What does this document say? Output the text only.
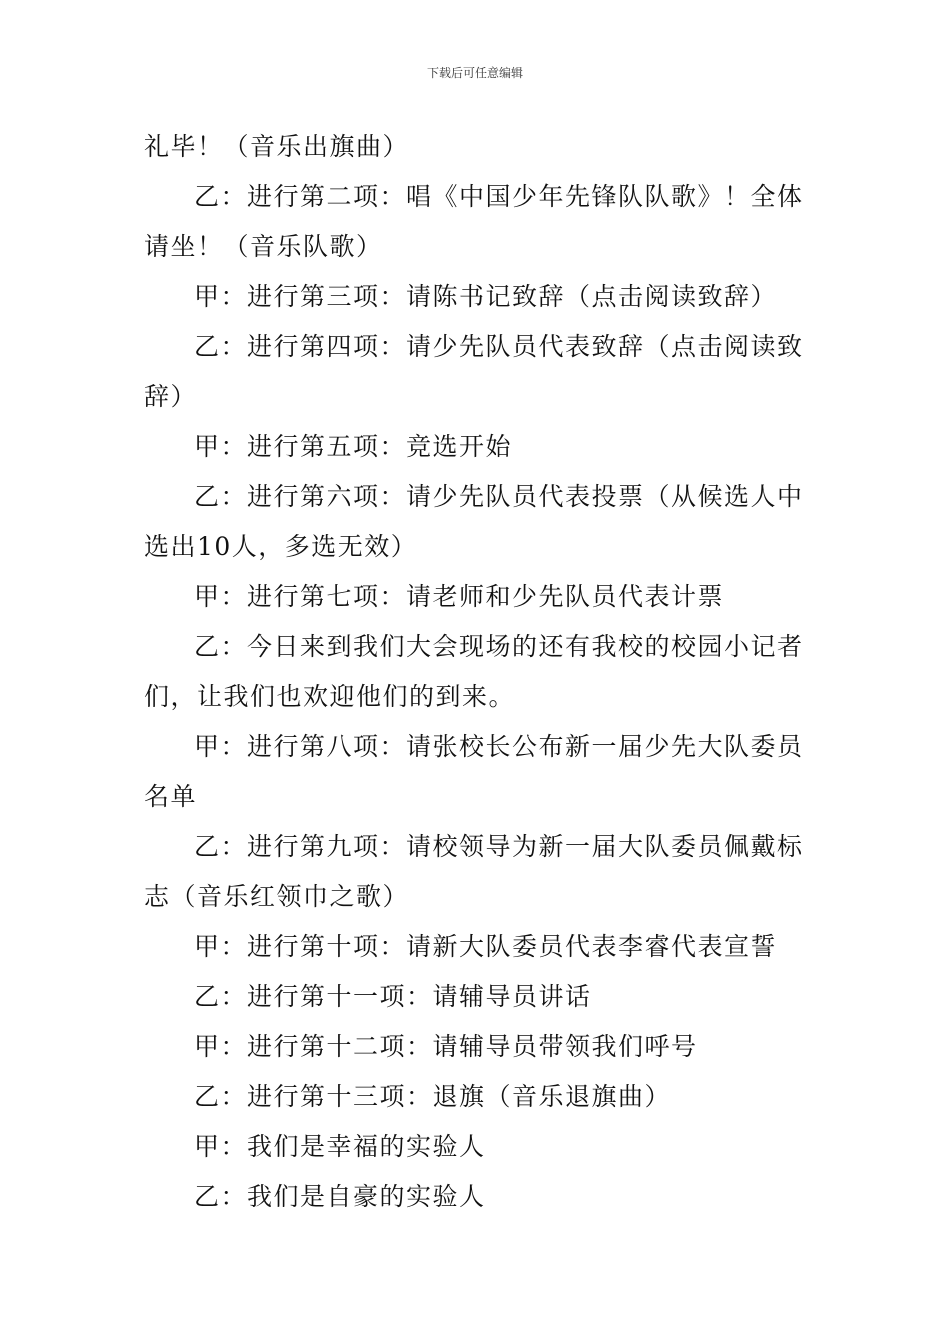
下载后可任意编辑

礼毕！（音乐出旗曲）

乙：进行第二项：唱《中国少年先锋队队歌》！全体请坐！（音乐队歌）

甲：进行第三项：请陈书记致辞（点击阅读致辞）

乙：进行第四项：请少先队员代表致辞（点击阅读致辞）

甲：进行第五项：竞选开始

乙：进行第六项：请少先队员代表投票（从候选人中选出10人，多选无效）

甲：进行第七项：请老师和少先队员代表计票

乙：今日来到我们大会现场的还有我校的校园小记者们，让我们也欢迎他们的到来。

甲：进行第八项：请张校长公布新一届少先大队委员名单

乙：进行第九项：请校领导为新一届大队委员佩戴标志（音乐红领巾之歌）

甲：进行第十项：请新大队委员代表李睿代表宣誓

乙：进行第十一项：请辅导员讲话

甲：进行第十二项：请辅导员带领我们呼号

乙：进行第十三项：退旗（音乐退旗曲）

甲：我们是幸福的实验人

乙：我们是自豪的实验人
